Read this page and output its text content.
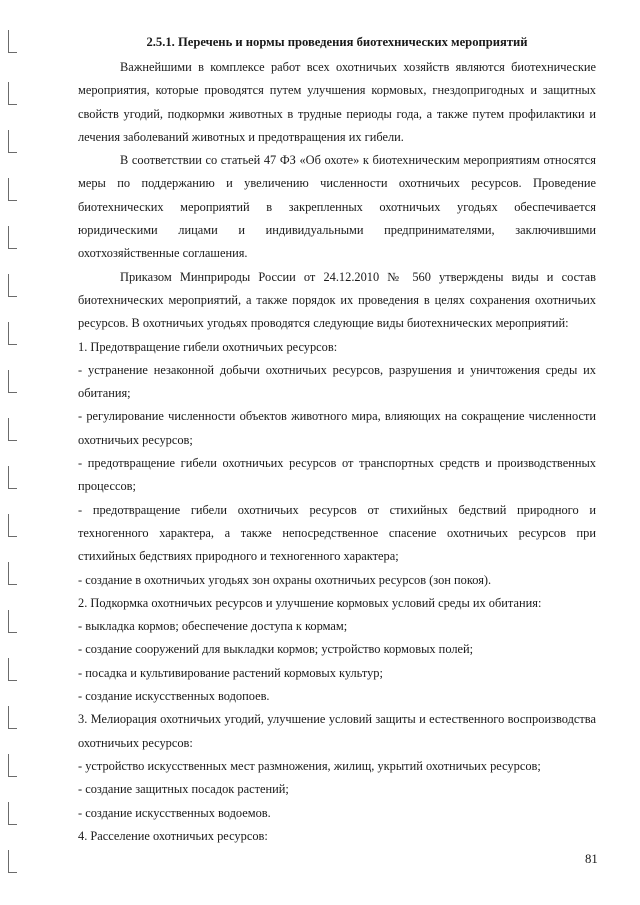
2.5.1. Перечень и нормы проведения биотехнических мероприятий
Важнейшими в комплексе работ всех охотничьих хозяйств являются биотехнические мероприятия, которые проводятся путем улучшения кормовых, гнездопригодных и защитных свойств угодий, подкормки животных в трудные периоды года, а также путем профилактики и лечения заболеваний животных и предотвращения их гибели.
В соответствии со статьей 47 ФЗ «Об охоте» к биотехническим мероприятиям относятся меры по поддержанию и увеличению численности охотничьих ресурсов. Проведение биотехнических мероприятий в закрепленных охотничьих угодьях обеспечивается юридическими лицами и индивидуальными предпринимателями, заключившими охотхозяйственные соглашения.
Приказом Минприроды России от 24.12.2010 № 560 утверждены виды и состав биотехнических мероприятий, а также порядок их проведения в целях сохранения охотничьих ресурсов. В охотничьих угодьях проводятся следующие виды биотехнических мероприятий:
1. Предотвращение гибели охотничьих ресурсов:
- устранение незаконной добычи охотничьих ресурсов, разрушения и уничтожения среды их обитания;
- регулирование численности объектов животного мира, влияющих на сокращение численности охотничьих ресурсов;
- предотвращение гибели охотничьих ресурсов от транспортных средств и производственных процессов;
- предотвращение гибели охотничьих ресурсов от стихийных бедствий природного и техногенного характера, а также непосредственное спасение охотничьих ресурсов при стихийных бедствиях природного и техногенного характера;
- создание в охотничьих угодьях зон охраны охотничьих ресурсов (зон покоя).
2. Подкормка охотничьих ресурсов и улучшение кормовых условий среды их обитания:
- выкладка кормов; обеспечение доступа к кормам;
- создание сооружений для выкладки кормов; устройство кормовых полей;
- посадка и культивирование растений кормовых культур;
- создание искусственных водопоев.
3. Мелиорация охотничьих угодий, улучшение условий защиты и естественного воспроизводства охотничьих ресурсов:
- устройство искусственных мест размножения, жилищ, укрытий охотничьих ресурсов;
- создание защитных посадок растений;
- создание искусственных водоемов.
4. Расселение охотничьих ресурсов:
81
